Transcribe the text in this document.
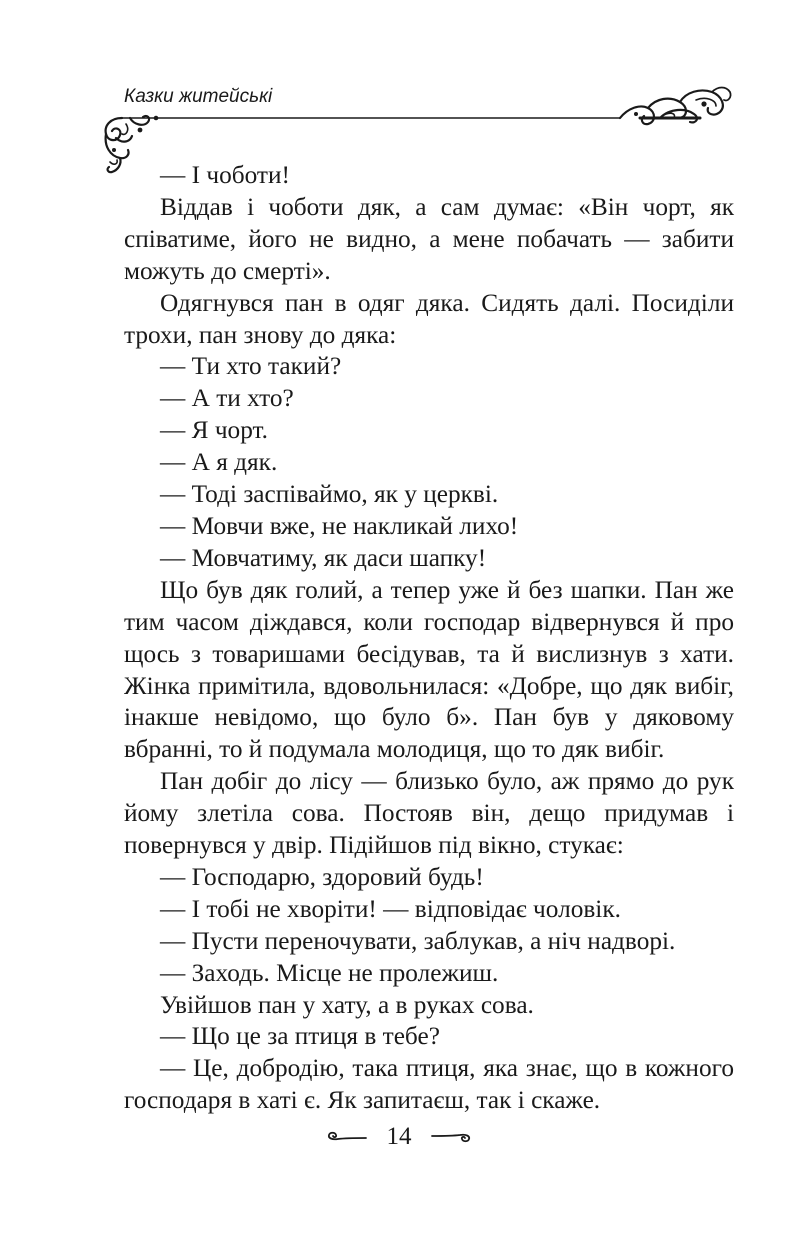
Казки житейські

— І чоботи!

Віддав і чоботи дяк, а сам думає: «Він чорт, як співатиме, його не видно, а мене побачать — забити можуть до смерті».

Одягнувся пан в одяг дяка. Сидять далі. Посиділи трохи, пан знову до дяка:

— Ти хто такий?

— А ти хто?

— Я чорт.

— А я дяк.

— Тоді заспіваймо, як у церкві.

— Мовчи вже, не накликай лихо!

— Мовчатиму, як даси шапку!

Що був дяк голий, а тепер уже й без шапки. Пан же тим часом діждався, коли господар відвернувся й про щось з товаришами бесідував, та й вислизнув з хати. Жінка примітила, вдовольнилася: «Добре, що дяк вибіг, інакше невідомо, що було б». Пан був у дяковому вбранні, то й подумала молодиця, що то дяк вибіг.

Пан добіг до лісу — близько було, аж прямо до рук йому злетіла сова. Постояв він, дещо придумав і повернувся у двір. Підійшов під вікно, стукає:

— Господарю, здоровий будь!

— І тобі не хворіти! — відповідає чоловік.

— Пусти переночувати, заблукав, а ніч надворі.

— Заходь. Місце не пролежиш.

Увійшов пан у хату, а в руках сова.

— Що це за птиця в тебе?

— Це, добродію, така птиця, яка знає, що в кожного господаря в хаті є. Як запитаєш, так і скаже.

14
